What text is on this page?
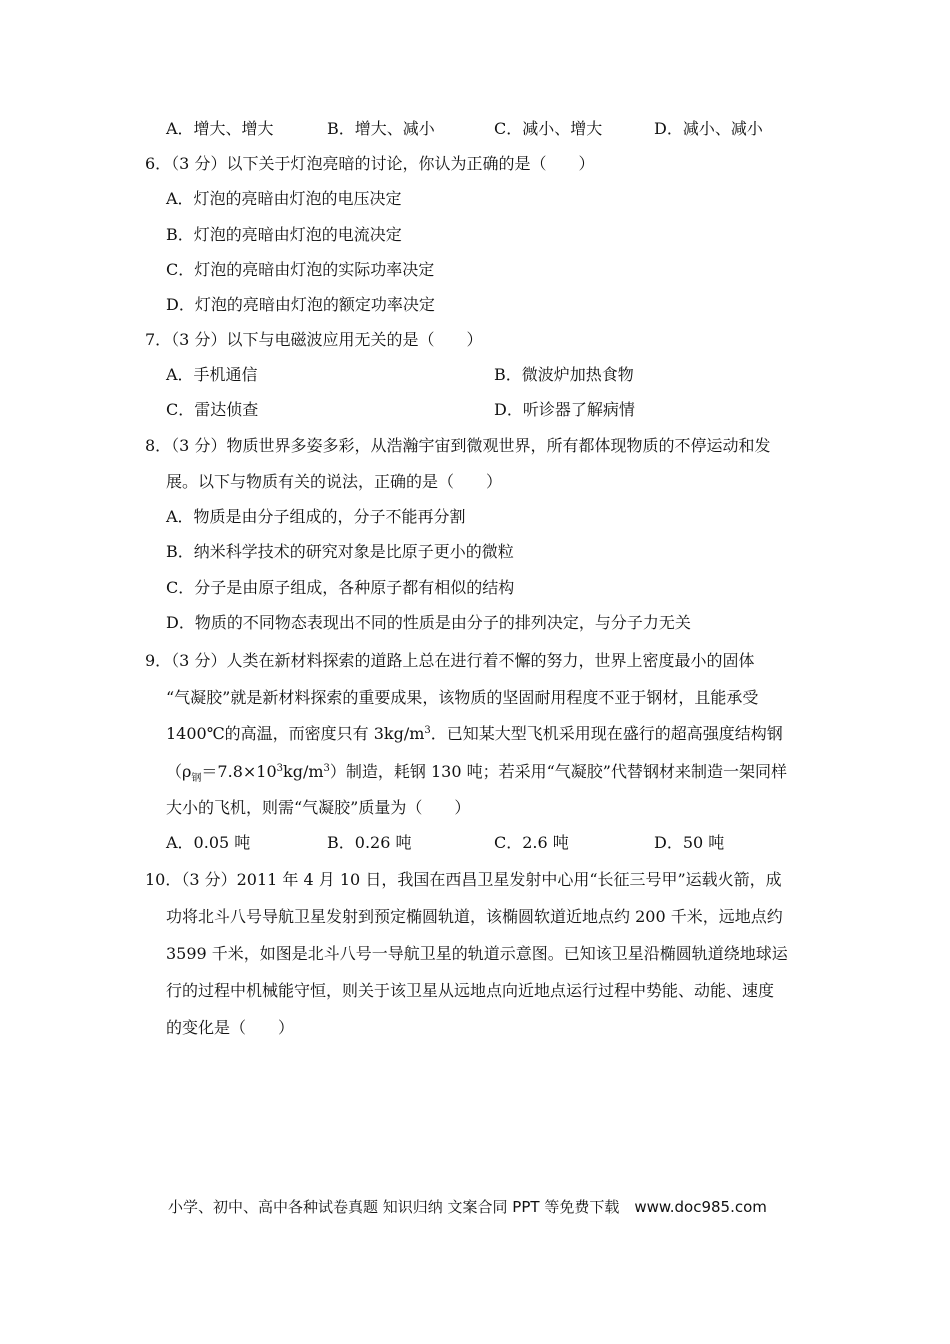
A．增大、增大	B．增大、减小	C．减小、增大	D．减小、减小
6．（3 分）以下关于灯泡亮暗的讨论，你认为正确的是（　　）
A．灯泡的亮暗由灯泡的电压决定
B．灯泡的亮暗由灯泡的电流决定
C．灯泡的亮暗由灯泡的实际功率决定
D．灯泡的亮暗由灯泡的额定功率决定
7．（3 分）以下与电磁波应用无关的是（　　）
A．手机通信	B．微波炉加热食物
C．雷达侦查	D．听诊器了解病情
8．（3 分）物质世界多姿多彩，从浩瀚宇宙到微观世界，所有都体现物质的不停运动和发
展。以下与物质有关的说法，正确的是（　　）
A．物质是由分子组成的，分子不能再分割
B．纳米科学技术的研究对象是比原子更小的微粒
C．分子是由原子组成，各种原子都有相似的结构
D．物质的不同物态表现出不同的性质是由分子的排列决定，与分子力无关
9．（3 分）人类在新材料探索的道路上总在进行着不懈的努力，世界上密度最小的固体
“气凝胶”就是新材料探索的重要成果，该物质的坚固耐用程度不亚于钢材，且能承受
1400℃的高温，而密度只有 $3kg/m^3$．已知某大型飞机采用现在盛行的超高强度结构钢
$(\rho_钢=7.8\times 10^3kg/m^3)$制造，耗钢 130 吨；若采用“气凝胶”代替钢材来制造一架同样
大小的飞机，则需“气凝胶”质量为（　　）
A．0.05 吨	B．0.26 吨	C．2.6 吨	D．50 吨
10．（3 分）2011 年 4 月 10 日，我国在西昌卫星发射中心用“长征三号甲”运载火箭，成
功将北斗八号导航卫星发射到预定椭圆轨道，该椭圆软道近地点约 200 千米，远地点约
3599 千米，如图是北斗八号一导航卫星的轨道示意图。已知该卫星沿椭圆轨道绕地球运
行的过程中机械能守恒，则关于该卫星从远地点向近地点运行过程中势能、动能、速度
的变化是（　　）
小学、初中、高中各种试卷真题 知识归纳 文案合同 PPT 等免费下载　www.doc985.com
